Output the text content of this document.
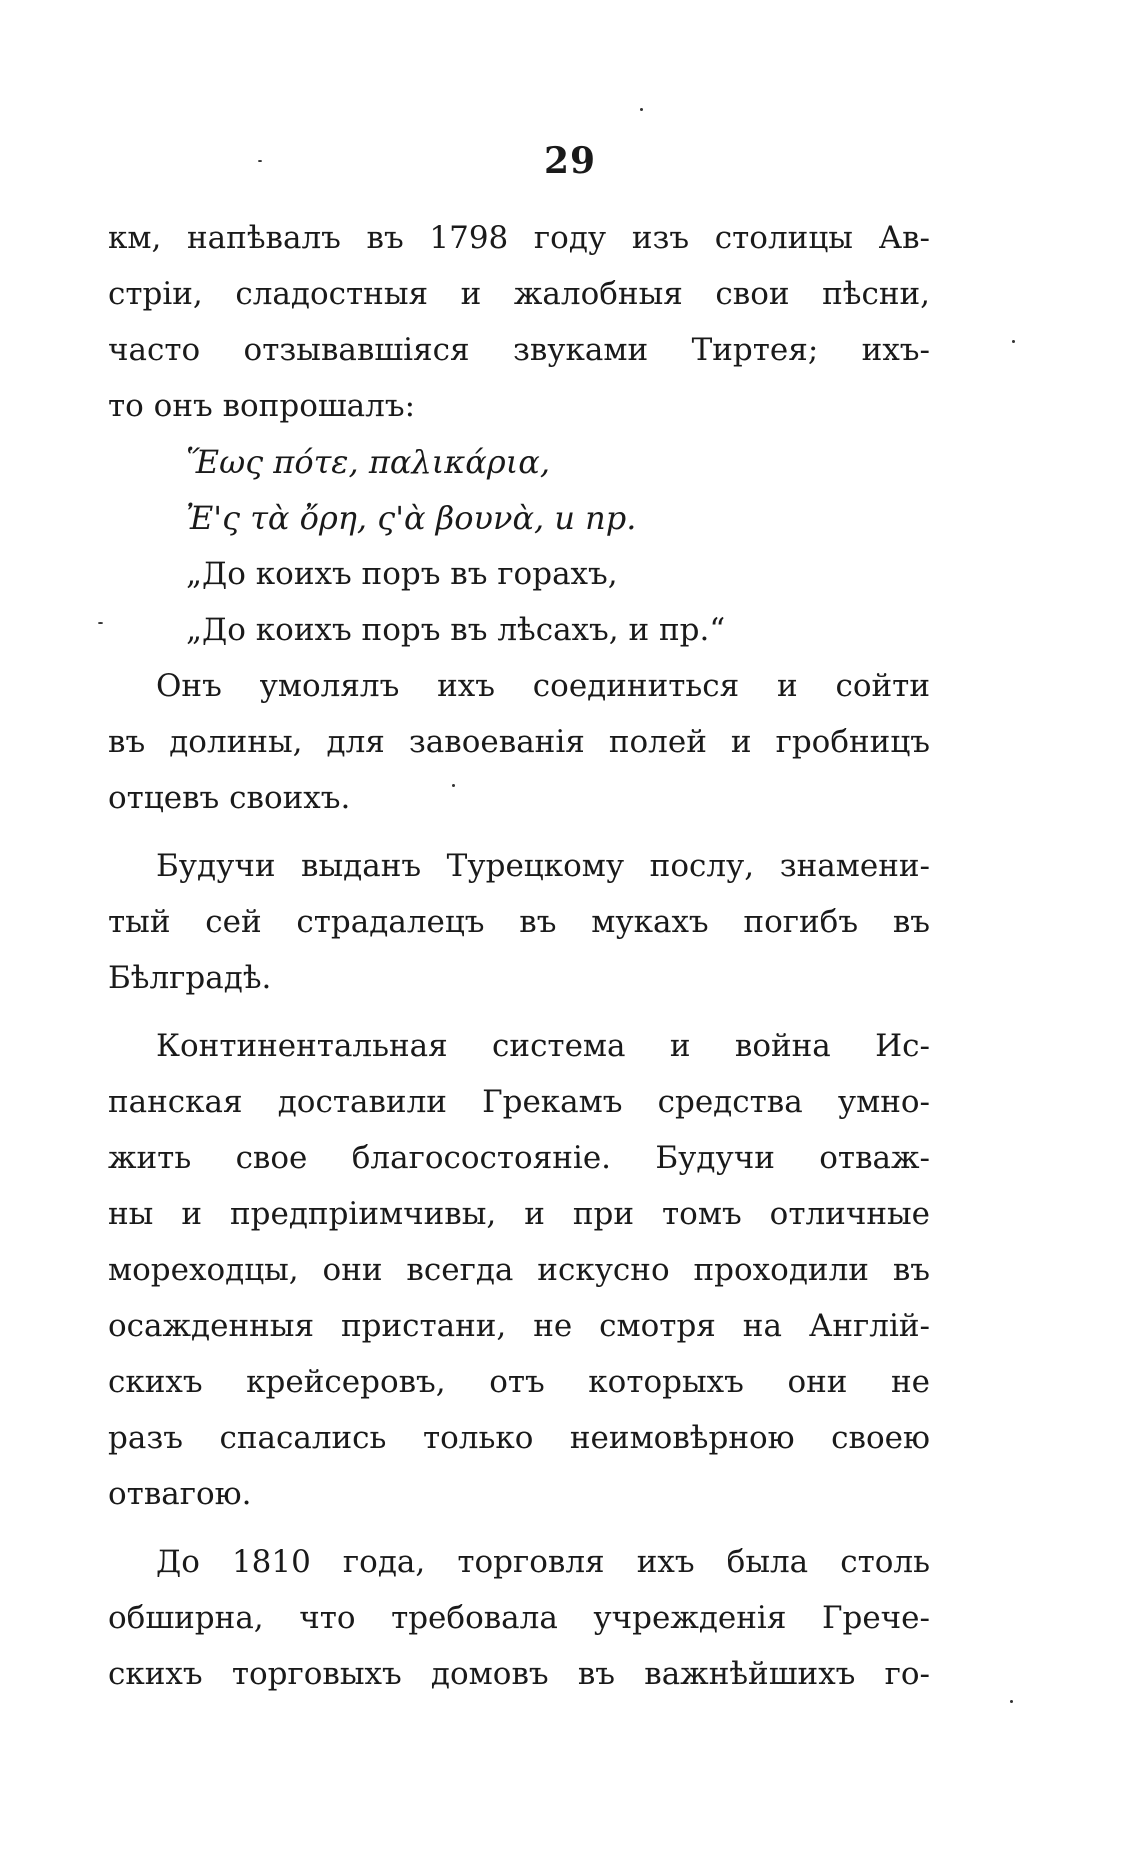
29
км, напѣвалъ въ 1798 году изъ столицы Ав-
стріи, сладостныя и жалобныя свои пѣсни,
часто отзывавшіяся звуками Тиртея; ихъ-
то онъ вопрошалъ:
Ἕως πότε, παλικάρια,
Ἐ'ς τὰ ὄρη, ς'ὰ βουνὰ, и пр.
„До коихъ поръ въ горахъ,
„До коихъ поръ въ лѣсахъ, и пр.“
Онъ умолялъ ихъ соединиться и сойти
въ долины, для завоеванія полей и гробницъ
отцевъ своихъ.
Будучи выданъ Турецкому послу, знамени-
тый сей страдалецъ въ мукахъ погибъ въ
Бѣлградѣ.
Континентальная система и война Ис-
панская доставили Грекамъ средства умно-
жить свое благосостояніе. Будучи отваж-
ны и предпріимчивы, и при томъ отличные
мореходцы, они всегда искусно проходили въ
осажденныя пристани, не смотря на Англій-
скихъ крейсеровъ, отъ которыхъ они не
разъ спасались только неимовѣрною своею
отвагою.
До 1810 года, торговля ихъ была столь
обширна, что требовала учрежденія Грече-
скихъ торговыхъ домовъ въ важнѣйшихъ го-
